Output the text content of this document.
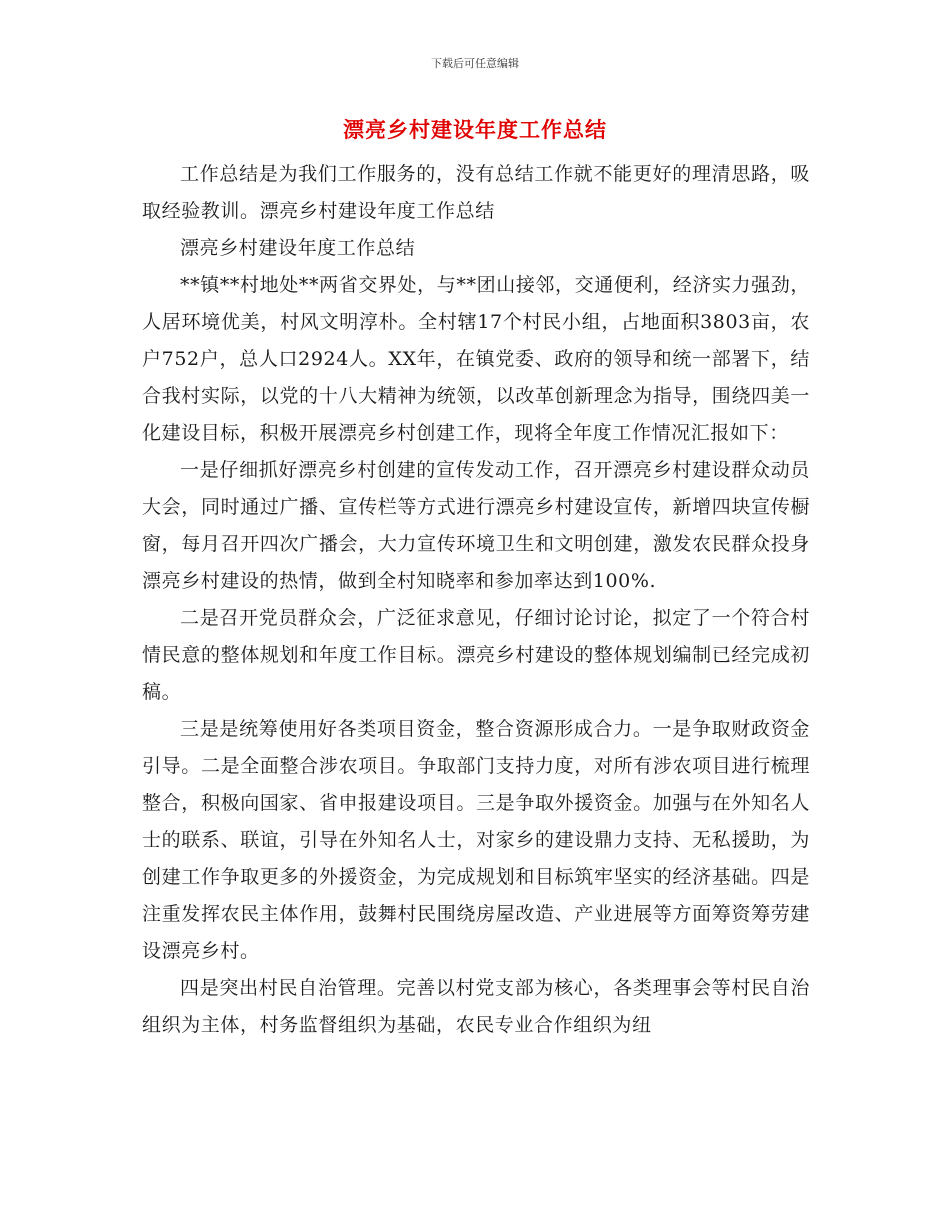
下载后可任意编辑
漂亮乡村建设年度工作总结

工作总结是为我们工作服务的，没有总结工作就不能更好的理清思路，吸取经验教训。漂亮乡村建设年度工作总结

漂亮乡村建设年度工作总结

**镇**村地处**两省交界处，与**团山接邻，交通便利，经济实力强劲，人居环境优美，村风文明淳朴。全村辖17个村民小组，占地面积3803亩，农户752户，总人口2924人。XX年，在镇党委、政府的领导和统一部署下，结合我村实际，以党的十八大精神为统领，以改革创新理念为指导，围绕四美一化建设目标，积极开展漂亮乡村创建工作，现将全年度工作情况汇报如下：

一是仔细抓好漂亮乡村创建的宣传发动工作，召开漂亮乡村建设群众动员大会，同时通过广播、宣传栏等方式进行漂亮乡村建设宣传，新增四块宣传橱窗，每月召开四次广播会，大力宣传环境卫生和文明创建，激发农民群众投身漂亮乡村建设的热情，做到全村知晓率和参加率达到100%.

二是召开党员群众会，广泛征求意见，仔细讨论讨论，拟定了一个符合村情民意的整体规划和年度工作目标。漂亮乡村建设的整体规划编制已经完成初稿。

三是是统筹使用好各类项目资金，整合资源形成合力。一是争取财政资金引导。二是全面整合涉农项目。争取部门支持力度，对所有涉农项目进行梳理整合，积极向国家、省申报建设项目。三是争取外援资金。加强与在外知名人士的联系、联谊，引导在外知名人士，对家乡的建设鼎力支持、无私援助，为创建工作争取更多的外援资金，为完成规划和目标筑牢坚实的经济基础。四是注重发挥农民主体作用，鼓舞村民围绕房屋改造、产业进展等方面筹资筹劳建设漂亮乡村。

四是突出村民自治管理。完善以村党支部为核心，各类理事会等村民自治组织为主体，村务监督组织为基础，农民专业合作组织为纽
